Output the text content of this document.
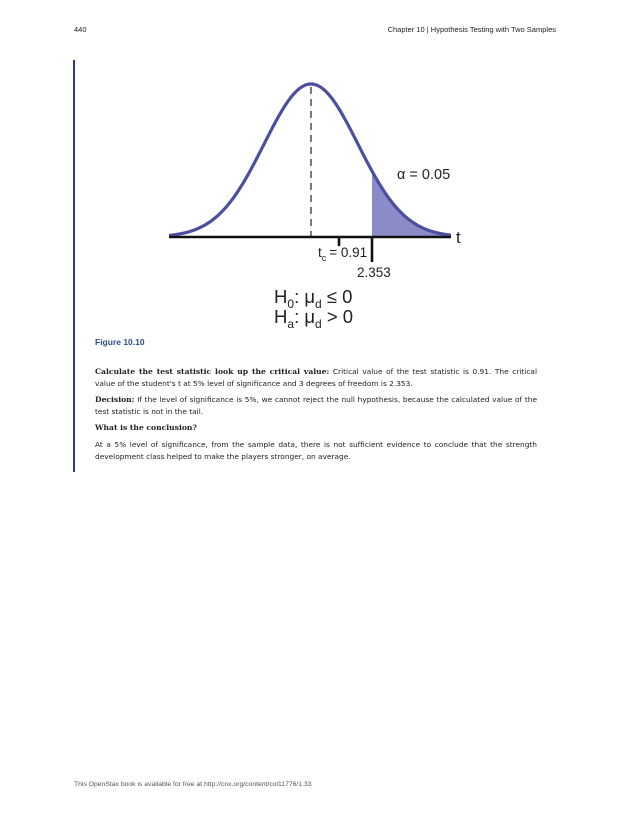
440	Chapter 10 | Hypothesis Testing with Two Samples
α = 0.05
t
$t_c = 0.91$
2.353
$H_0$: $\mu_d \le 0$
$H_a$: $\mu_d > 0$
Figure 10.10
Calculate the test statistic look up the critical value: Critical value of the test statistic is 0.91. The critical value of the student's t at 5% level of significance and 3 degrees of freedom is 2.353.
Decision: If the level of significance is 5%, we cannot reject the null hypothesis, because the calculated value of the test statistic is not in the tail.
What is the conclusion?
At a 5% level of significance, from the sample data, there is not sufficient evidence to conclude that the strength development class helped to make the players stronger, on average.
This OpenStax book is available for free at http://cnx.org/content/col11776/1.33
